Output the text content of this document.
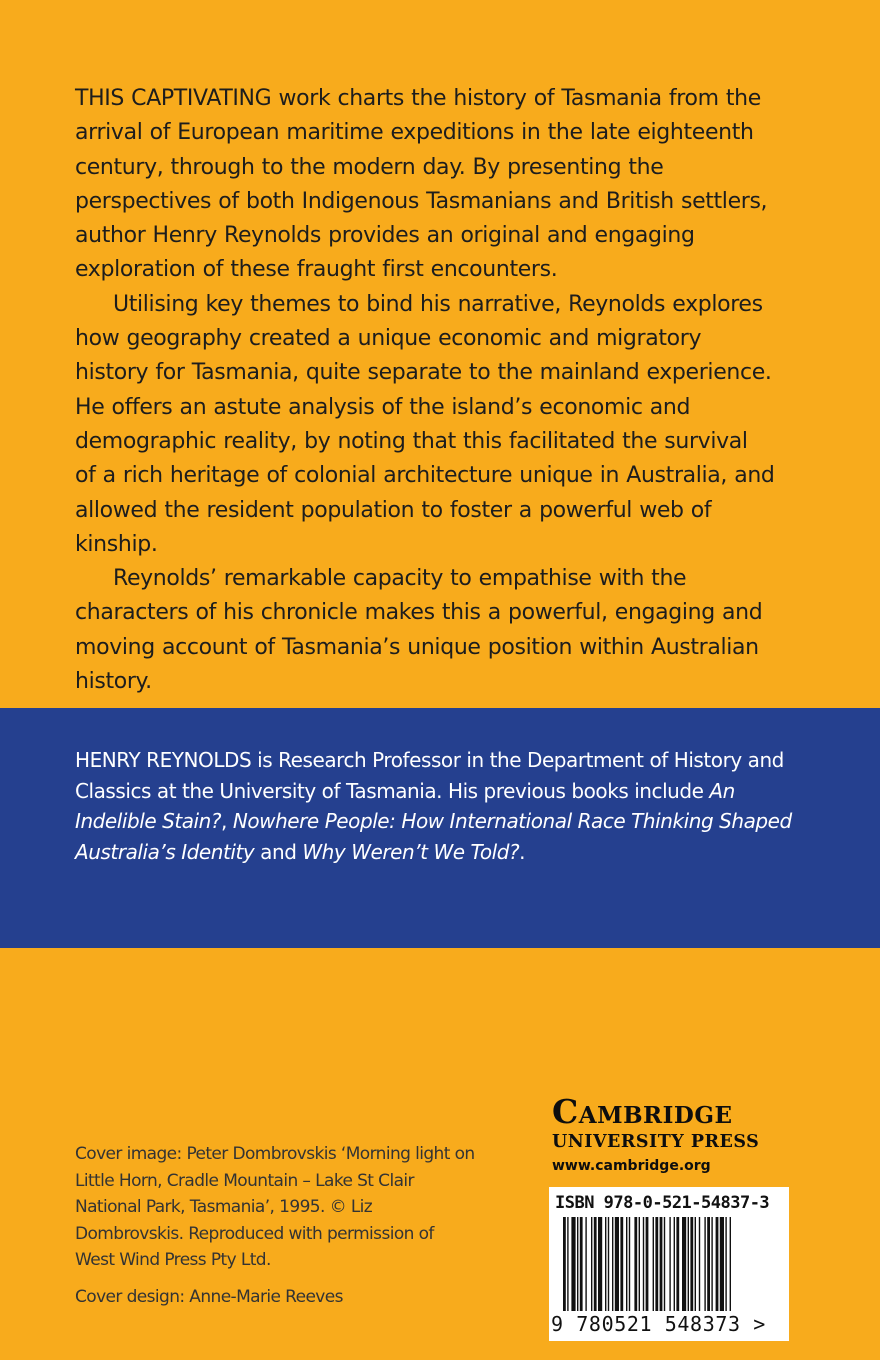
THIS CAPTIVATING work charts the history of Tasmania from the arrival of European maritime expeditions in the late eighteenth century, through to the modern day. By presenting the perspectives of both Indigenous Tasmanians and British settlers, author Henry Reynolds provides an original and engaging exploration of these fraught first encounters.

Utilising key themes to bind his narrative, Reynolds explores how geography created a unique economic and migratory history for Tasmania, quite separate to the mainland experience. He offers an astute analysis of the island’s economic and demographic reality, by noting that this facilitated the survival of a rich heritage of colonial architecture unique in Australia, and allowed the resident population to foster a powerful web of kinship.

Reynolds’ remarkable capacity to empathise with the characters of his chronicle makes this a powerful, engaging and moving account of Tasmania’s unique position within Australian history.

HENRY REYNOLDS is Research Professor in the Department of History and Classics at the University of Tasmania. His previous books include An Indelible Stain?, Nowhere People: How International Race Thinking Shaped Australia’s Identity and Why Weren’t We Told?.

Cover image: Peter Dombrovskis ‘Morning light on Little Horn, Cradle Mountain – Lake St Clair National Park, Tasmania’, 1995. © Liz Dombrovskis. Reproduced with permission of West Wind Press Pty Ltd.

Cover design: Anne-Marie Reeves

Cambridge
UNIVERSITY PRESS
www.cambridge.org
ISBN 978-0-521-54837-3
9 780521 548373 >
